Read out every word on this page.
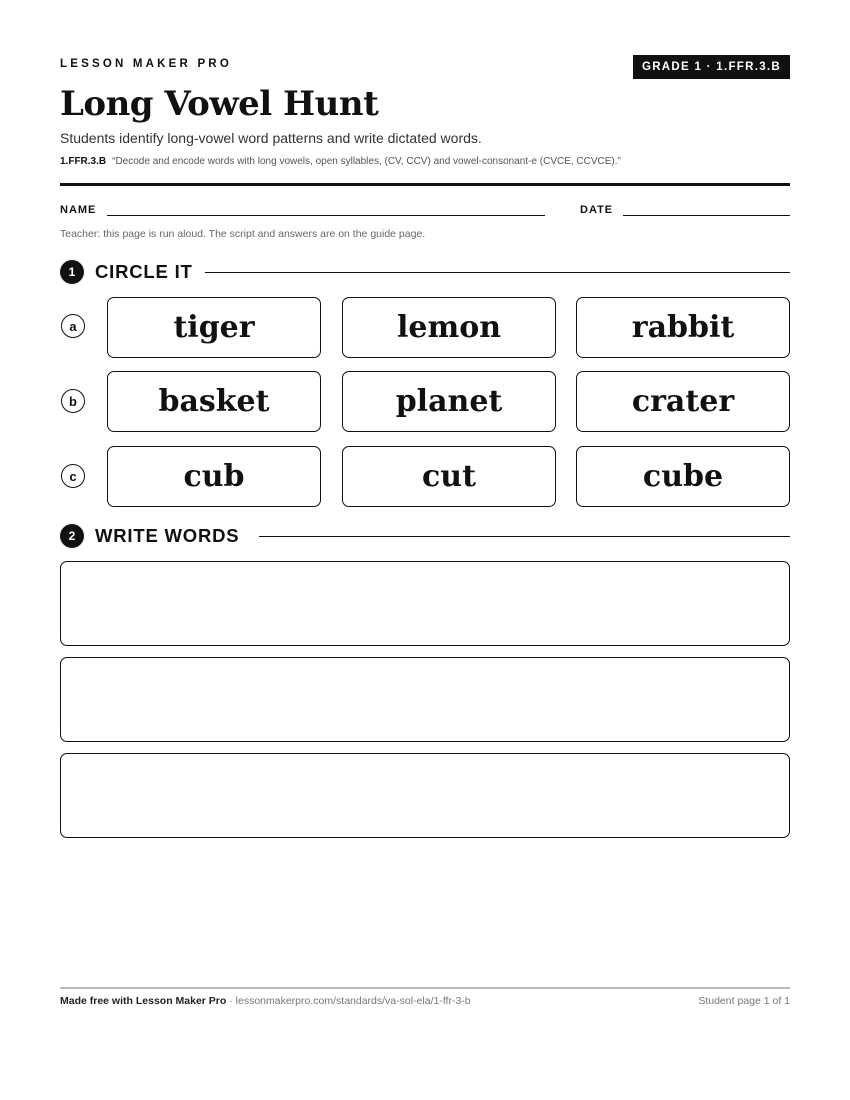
LESSON MAKER PRO	GRADE 1 · 1.FFR.3.B
Long Vowel Hunt
Students identify long-vowel word patterns and write dictated words.
1.FFR.3.B “Decode and encode words with long vowels, open syllables, (CV, CCV) and vowel-consonant-e (CVCE, CCVCE).”
NAME	DATE
Teacher: this page is run aloud. The script and answers are on the guide page.
1	CIRCLE IT
a	tiger	lemon	rabbit
b	basket	planet	crater
c	cub	cut	cube
2	WRITE WORDS
Made free with Lesson Maker Pro · lessonmakerpro.com/standards/va-sol-ela/1-ffr-3-b	Student page 1 of 1
